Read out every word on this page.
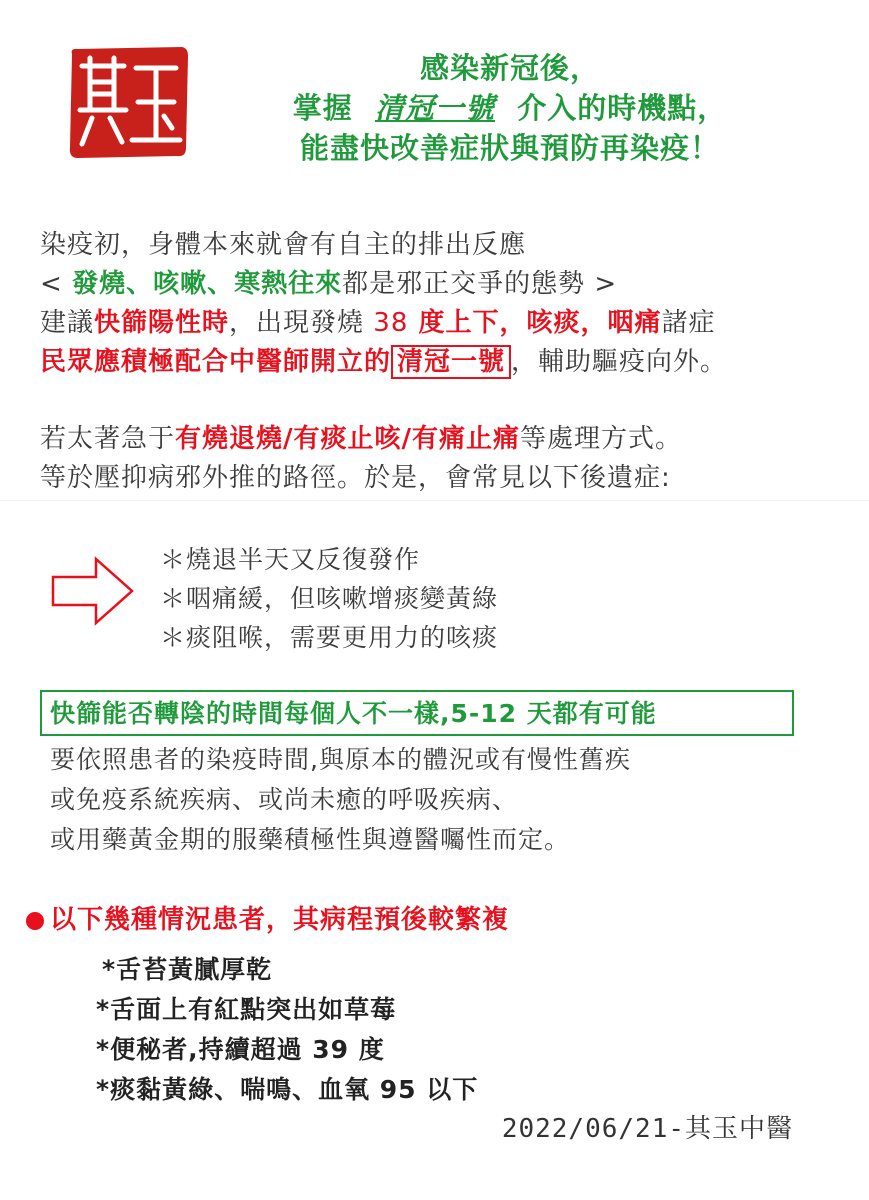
感染新冠後，
掌握 清冠一號 介入的時機點，
能盡快改善症狀與預防再染疫！
染疫初，身體本來就會有自主的排出反應
< 發燒、咳嗽、寒熱往來都是邪正交爭的態勢 >
建議快篩陽性時，出現發燒 38 度上下，咳痰，咽痛諸症
民眾應積極配合中醫師開立的 清冠一號 ，輔助驅疫向外。
若太著急于有燒退燒/有痰止咳/有痛止痛等處理方式。
等於壓抑病邪外推的路徑。於是，會常見以下後遺症:
＊燒退半天又反復發作
＊咽痛緩，但咳嗽增痰變黃綠
＊痰阻喉，需要更用力的咳痰
快篩能否轉陰的時間每個人不一樣,5-12 天都有可能
要依照患者的染疫時間,與原本的體況或有慢性舊疾
或免疫系統疾病、或尚未癒的呼吸疾病、
或用藥黃金期的服藥積極性與遵醫囑性而定。
以下幾種情況患者，其病程預後較繁複
*舌苔黃膩厚乾
*舌面上有紅點突出如草莓
*便秘者,持續超過 39 度
*痰黏黃綠、喘鳴、血氧 95 以下
2022/06/21-其玉中醫
